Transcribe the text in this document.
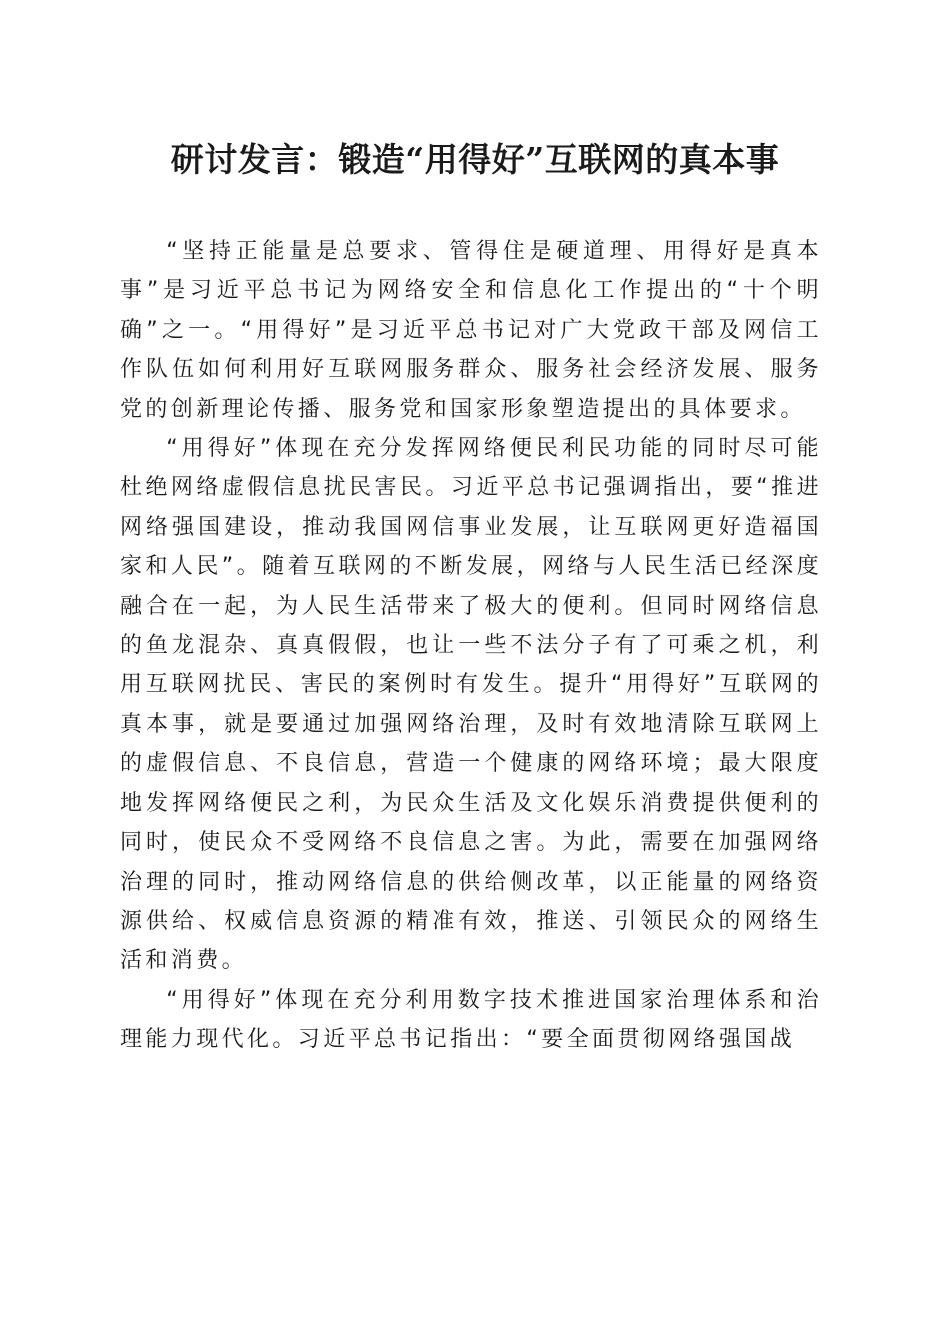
研讨发言：锻造“用得好”互联网的真本事

“坚持正能量是总要求、管得住是硬道理、用得好是真本事”是习近平总书记为网络安全和信息化工作提出的“十个明确”之一。“用得好”是习近平总书记对广大党政干部及网信工作队伍如何利用好互联网服务群众、服务社会经济发展、服务党的创新理论传播、服务党和国家形象塑造提出的具体要求。

“用得好”体现在充分发挥网络便民利民功能的同时尽可能杜绝网络虚假信息扰民害民。习近平总书记强调指出，要“推进网络强国建设，推动我国网信事业发展，让互联网更好造福国家和人民”。随着互联网的不断发展，网络与人民生活已经深度融合在一起，为人民生活带来了极大的便利。但同时网络信息的鱼龙混杂、真真假假，也让一些不法分子有了可乘之机，利用互联网扰民、害民的案例时有发生。提升“用得好”互联网的真本事，就是要通过加强网络治理，及时有效地清除互联网上的虚假信息、不良信息，营造一个健康的网络环境；最大限度地发挥网络便民之利，为民众生活及文化娱乐消费提供便利的同时，使民众不受网络不良信息之害。为此，需要在加强网络治理的同时，推动网络信息的供给侧改革，以正能量的网络资源供给、权威信息资源的精准有效，推送、引领民众的网络生活和消费。

“用得好”体现在充分利用数字技术推进国家治理体系和治理能力现代化。习近平总书记指出：“要全面贯彻网络强国战
